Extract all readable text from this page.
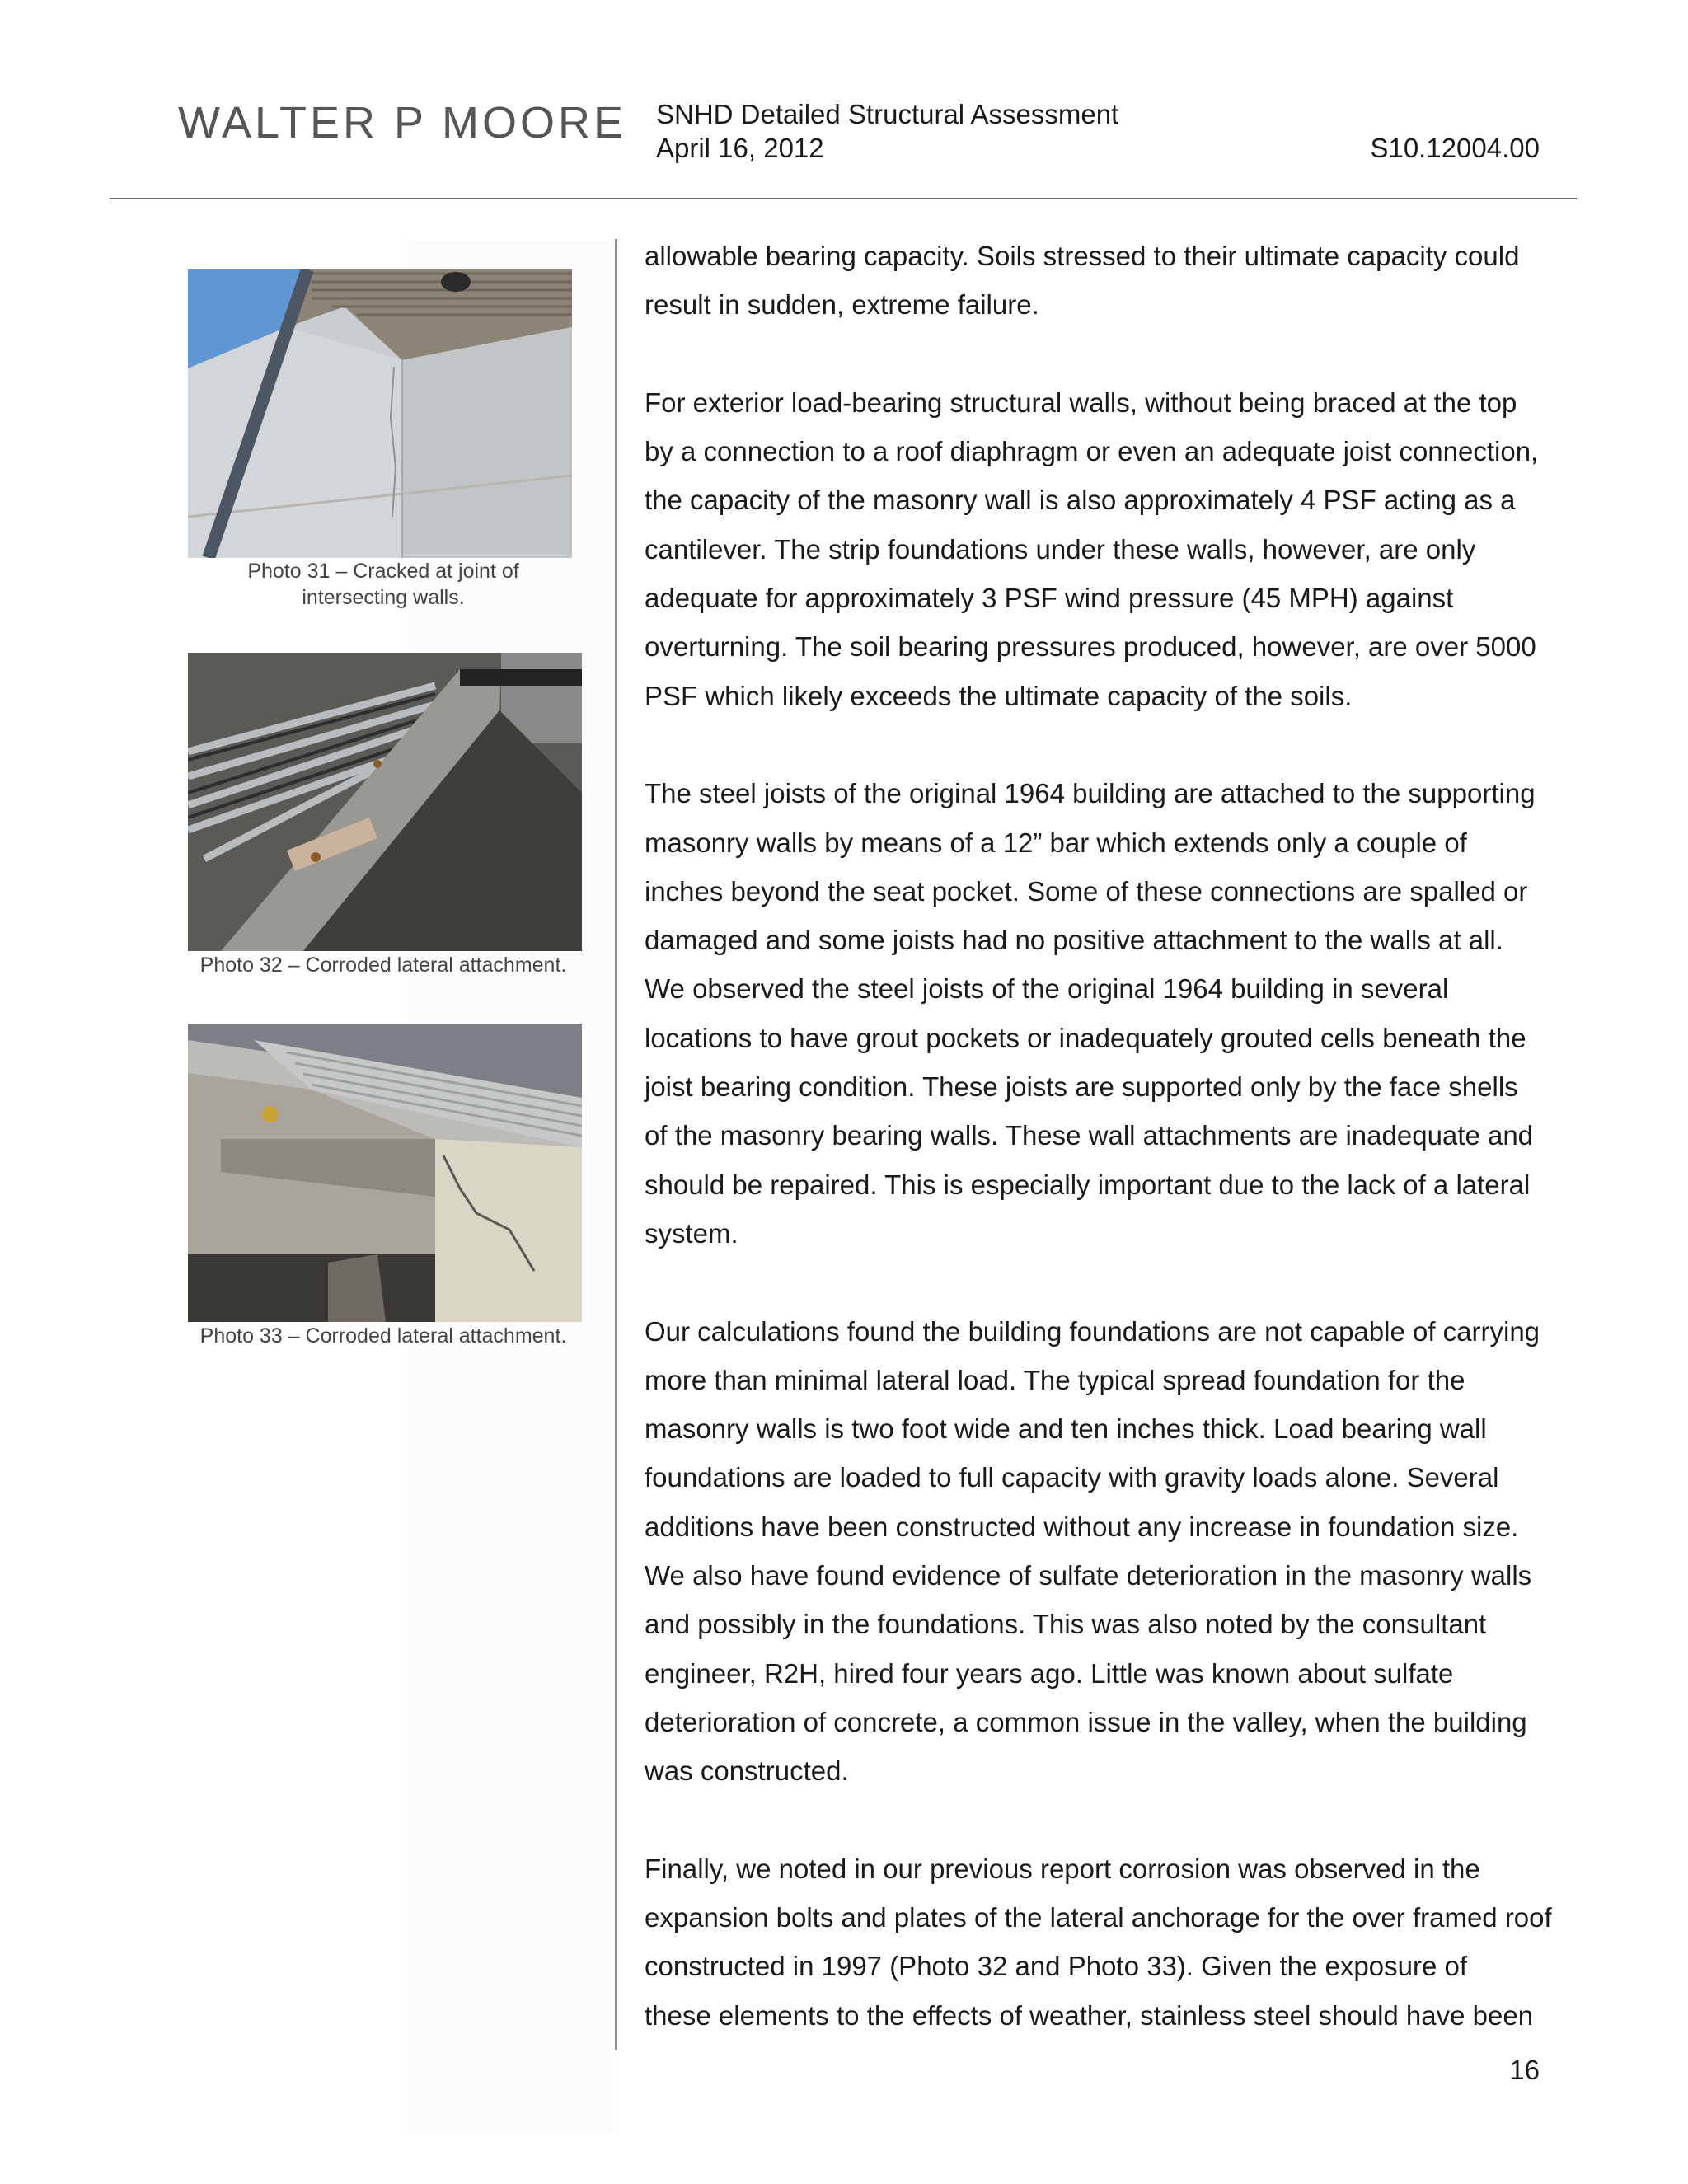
WALTER P MOORE SNHD Detailed Structural Assessment
April 16, 2012	S10.12004.00
Photo 31 – Cracked at joint of
intersecting walls.
Photo 32 – Corroded lateral attachment.
Photo 33 – Corroded lateral attachment.

allowable bearing capacity. Soils stressed to their ultimate capacity could
result in sudden, extreme failure.

For exterior load-bearing structural walls, without being braced at the top
by a connection to a roof diaphragm or even an adequate joist connection,
the capacity of the masonry wall is also approximately 4 PSF acting as a
cantilever. The strip foundations under these walls, however, are only
adequate for approximately 3 PSF wind pressure (45 MPH) against
overturning. The soil bearing pressures produced, however, are over 5000
PSF which likely exceeds the ultimate capacity of the soils.

The steel joists of the original 1964 building are attached to the supporting
masonry walls by means of a 12” bar which extends only a couple of
inches beyond the seat pocket. Some of these connections are spalled or
damaged and some joists had no positive attachment to the walls at all.
We observed the steel joists of the original 1964 building in several
locations to have grout pockets or inadequately grouted cells beneath the
joist bearing condition. These joists are supported only by the face shells
of the masonry bearing walls. These wall attachments are inadequate and
should be repaired. This is especially important due to the lack of a lateral
system.

Our calculations found the building foundations are not capable of carrying
more than minimal lateral load. The typical spread foundation for the
masonry walls is two foot wide and ten inches thick. Load bearing wall
foundations are loaded to full capacity with gravity loads alone. Several
additions have been constructed without any increase in foundation size.
We also have found evidence of sulfate deterioration in the masonry walls
and possibly in the foundations. This was also noted by the consultant
engineer, R2H, hired four years ago. Little was known about sulfate
deterioration of concrete, a common issue in the valley, when the building
was constructed.

Finally, we noted in our previous report corrosion was observed in the
expansion bolts and plates of the lateral anchorage for the over framed roof
constructed in 1997 (Photo 32 and Photo 33). Given the exposure of
these elements to the effects of weather, stainless steel should have been

16
